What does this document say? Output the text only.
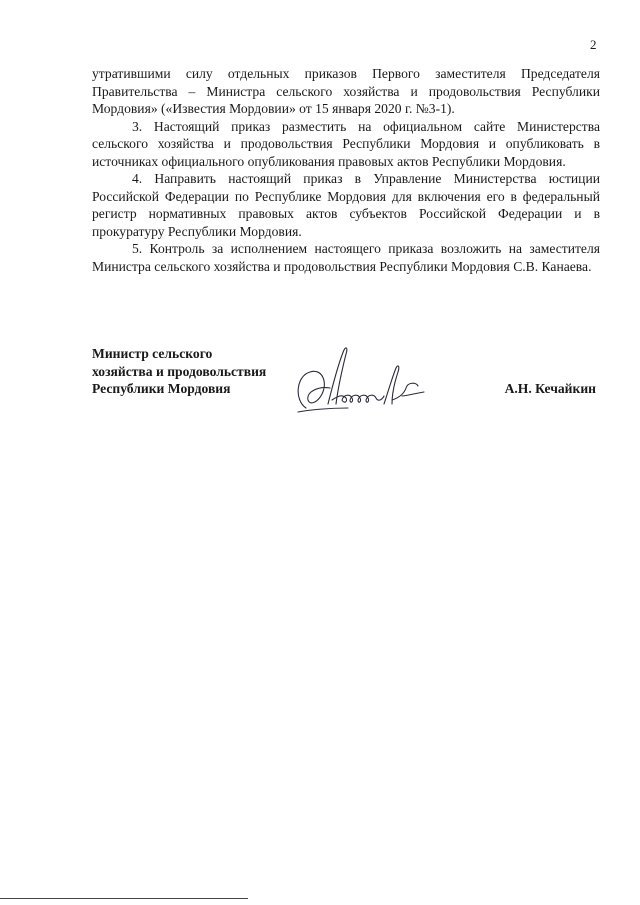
2

утратившими силу отдельных приказов Первого заместителя Председателя Правительства – Министра сельского хозяйства и продовольствия Республики Мордовия» («Известия Мордовии» от 15 января 2020 г. №3-1).

3. Настоящий приказ разместить на официальном сайте Министерства сельского хозяйства и продовольствия Республики Мордовия и опубликовать в источниках официального опубликования правовых актов Республики Мордовия.

4. Направить настоящий приказ в Управление Министерства юстиции Российской Федерации по Республике Мордовия для включения его в федеральный регистр нормативных правовых актов субъектов Российской Федерации и в прокуратуру Республики Мордовия.

5. Контроль за исполнением настоящего приказа возложить на заместителя Министра сельского хозяйства и продовольствия Республики Мордовия С.В. Канаева.

Министр сельского
хозяйства и продовольствия
Республики Мордовия	А.Н. Кечайкин
